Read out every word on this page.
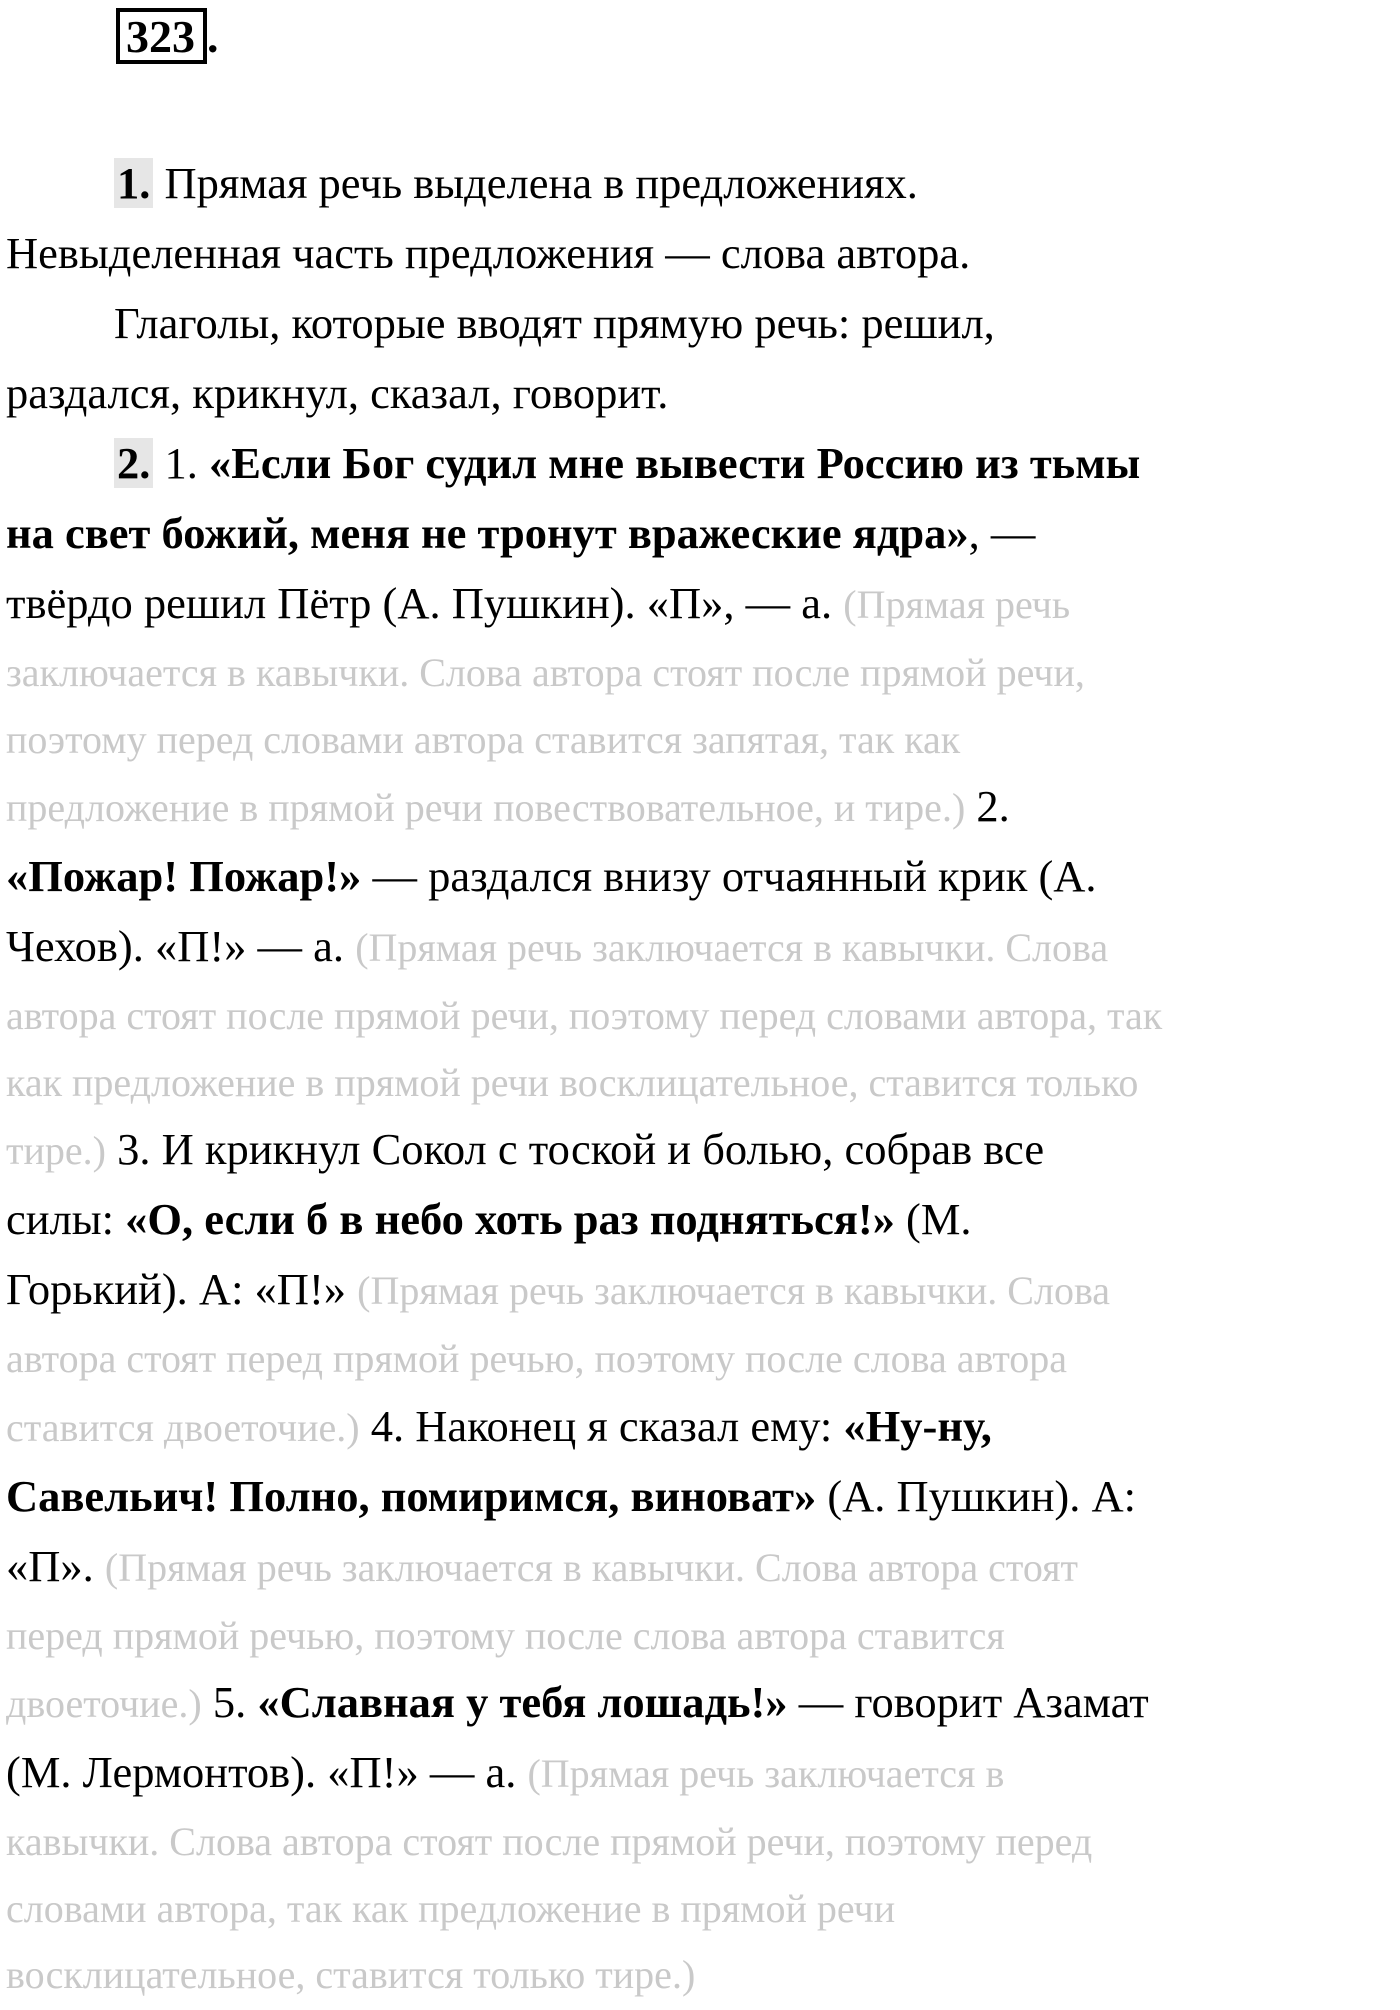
323 .
1. Прямая речь выделена в предложениях.
Невыделенная часть предложения — слова автора.
Глаголы, которые вводят прямую речь: решил,
раздался, крикнул, сказал, говорит.
2. 1. «Если Бог судил мне вывести Россию из тьмы
на свет божий, меня не тронут вражеские ядра», —
твёрдо решил Пётр (А. Пушкин). «П», — а. (Прямая речь
заключается в кавычки. Слова автора стоят после прямой речи,
поэтому перед словами автора ставится запятая, так как
предложение в прямой речи повествовательное, и тире.) 2.
«Пожар! Пожар!» — раздался внизу отчаянный крик (А.
Чехов). «П!» — а. (Прямая речь заключается в кавычки. Слова
автора стоят после прямой речи, поэтому перед словами автора, так
как предложение в прямой речи восклицательное, ставится только
тире.) 3. И крикнул Сокол с тоской и болью, собрав все
силы: «О, если б в небо хоть раз подняться!» (М.
Горький). А: «П!» (Прямая речь заключается в кавычки. Слова
автора стоят перед прямой речью, поэтому после слова автора
ставится двоеточие.) 4. Наконец я сказал ему: «Ну-ну,
Савельич! Полно, помиримся, виноват» (А. Пушкин). А:
«П». (Прямая речь заключается в кавычки. Слова автора стоят
перед прямой речью, поэтому после слова автора ставится
двоеточие.) 5. «Славная у тебя лошадь!» — говорит Азамат
(М. Лермонтов). «П!» — а. (Прямая речь заключается в
кавычки. Слова автора стоят после прямой речи, поэтому перед
словами автора, так как предложение в прямой речи
восклицательное, ставится только тире.)
